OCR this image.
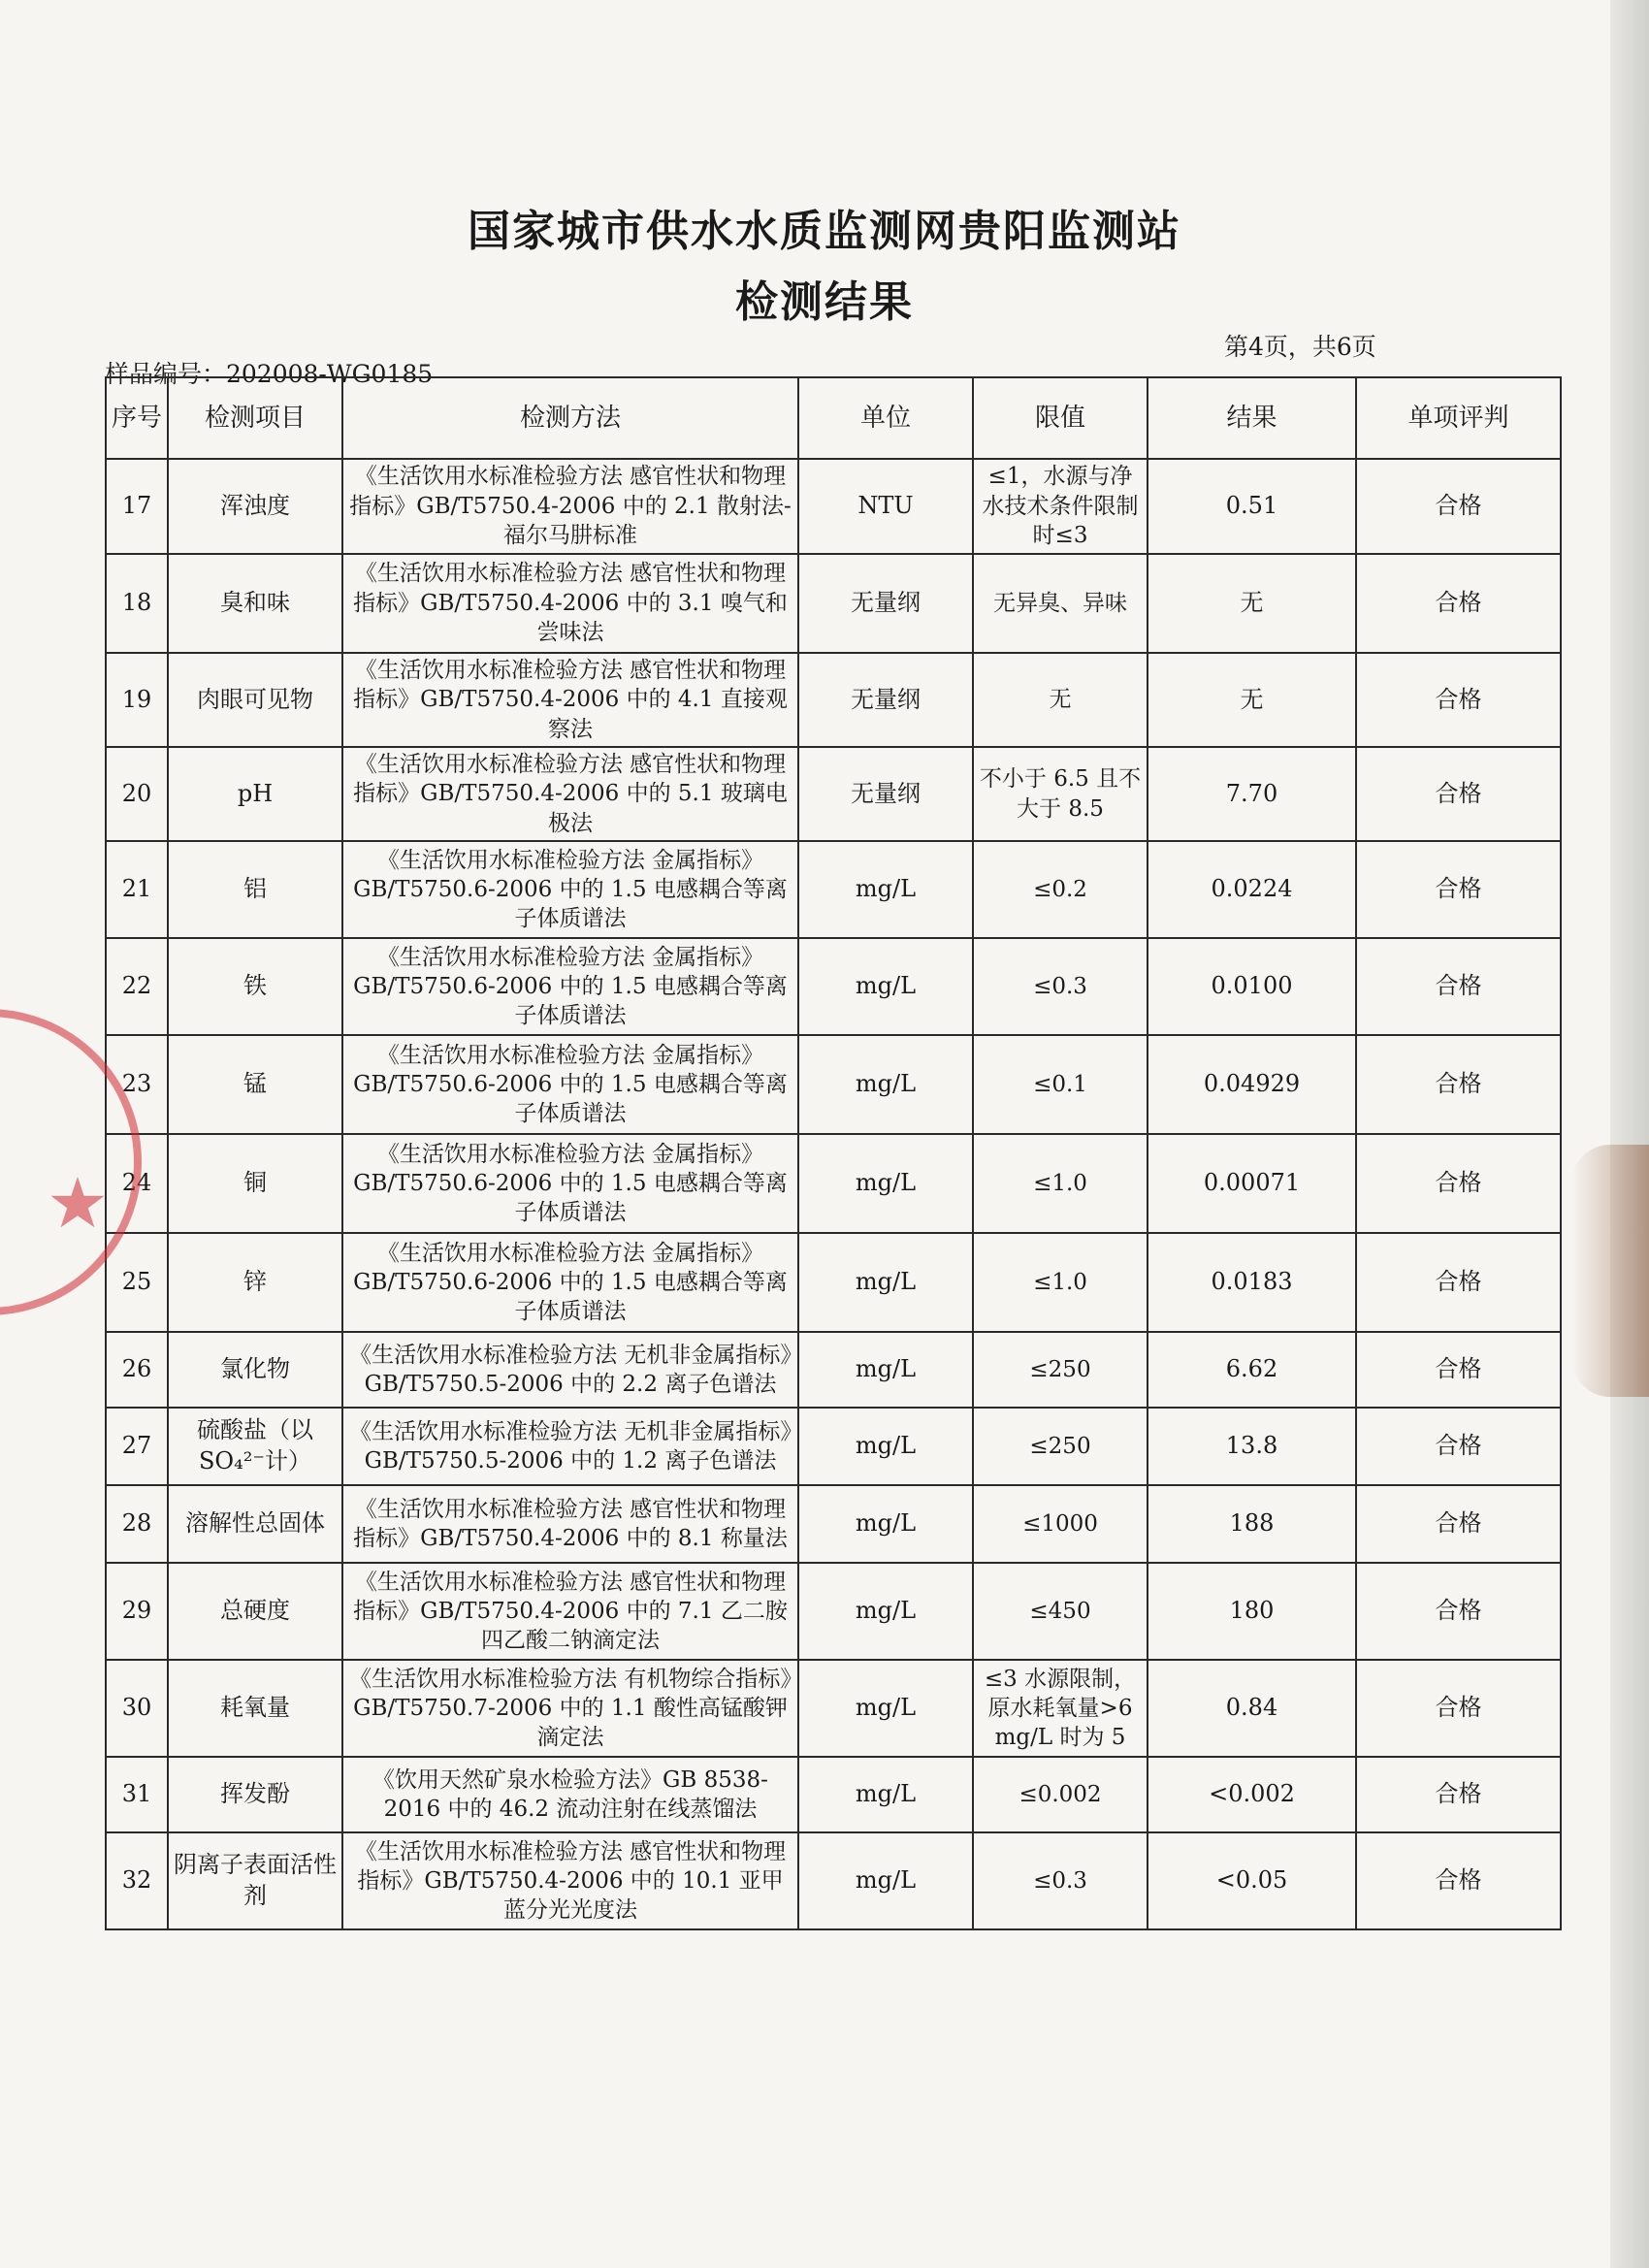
国家城市供水水质监测网贵阳监测站
检测结果
第4页，共6页
样品编号：202008-WG0185
序号	检测项目	检测方法	单位	限值	结果	单项评判
17	浑浊度	《生活饮用水标准检验方法 感官性状和物理指标》GB/T5750.4-2006 中的 2.1 散射法-福尔马肼标准	NTU	≤1，水源与净水技术条件限制时≤3	0.51	合格
18	臭和味	《生活饮用水标准检验方法 感官性状和物理指标》GB/T5750.4-2006 中的 3.1 嗅气和尝味法	无量纲	无异臭、异味	无	合格
19	肉眼可见物	《生活饮用水标准检验方法 感官性状和物理指标》GB/T5750.4-2006 中的 4.1 直接观察法	无量纲	无	无	合格
20	pH	《生活饮用水标准检验方法 感官性状和物理指标》GB/T5750.4-2006 中的 5.1 玻璃电极法	无量纲	不小于 6.5 且不大于 8.5	7.70	合格
21	铝	《生活饮用水标准检验方法 金属指标》GB/T5750.6-2006 中的 1.5 电感耦合等离子体质谱法	mg/L	≤0.2	0.0224	合格
22	铁	《生活饮用水标准检验方法 金属指标》GB/T5750.6-2006 中的 1.5 电感耦合等离子体质谱法	mg/L	≤0.3	0.0100	合格
23	锰	《生活饮用水标准检验方法 金属指标》GB/T5750.6-2006 中的 1.5 电感耦合等离子体质谱法	mg/L	≤0.1	0.04929	合格
24	铜	《生活饮用水标准检验方法 金属指标》GB/T5750.6-2006 中的 1.5 电感耦合等离子体质谱法	mg/L	≤1.0	0.00071	合格
25	锌	《生活饮用水标准检验方法 金属指标》GB/T5750.6-2006 中的 1.5 电感耦合等离子体质谱法	mg/L	≤1.0	0.0183	合格
26	氯化物	《生活饮用水标准检验方法 无机非金属指标》GB/T5750.5-2006 中的 2.2 离子色谱法	mg/L	≤250	6.62	合格
27	硫酸盐（以 SO₄²⁻计）	《生活饮用水标准检验方法 无机非金属指标》GB/T5750.5-2006 中的 1.2 离子色谱法	mg/L	≤250	13.8	合格
28	溶解性总固体	《生活饮用水标准检验方法 感官性状和物理指标》GB/T5750.4-2006 中的 8.1 称量法	mg/L	≤1000	188	合格
29	总硬度	《生活饮用水标准检验方法 感官性状和物理指标》GB/T5750.4-2006 中的 7.1 乙二胺四乙酸二钠滴定法	mg/L	≤450	180	合格
30	耗氧量	《生活饮用水标准检验方法 有机物综合指标》GB/T5750.7-2006 中的 1.1 酸性高锰酸钾滴定法	mg/L	≤3 水源限制，原水耗氧量>6 mg/L 时为 5	0.84	合格
31	挥发酚	《饮用天然矿泉水检验方法》GB 8538-2016 中的 46.2 流动注射在线蒸馏法	mg/L	≤0.002	<0.002	合格
32	阴离子表面活性剂	《生活饮用水标准检验方法 感官性状和物理指标》GB/T5750.4-2006 中的 10.1 亚甲蓝分光光度法	mg/L	≤0.3	<0.05	合格
